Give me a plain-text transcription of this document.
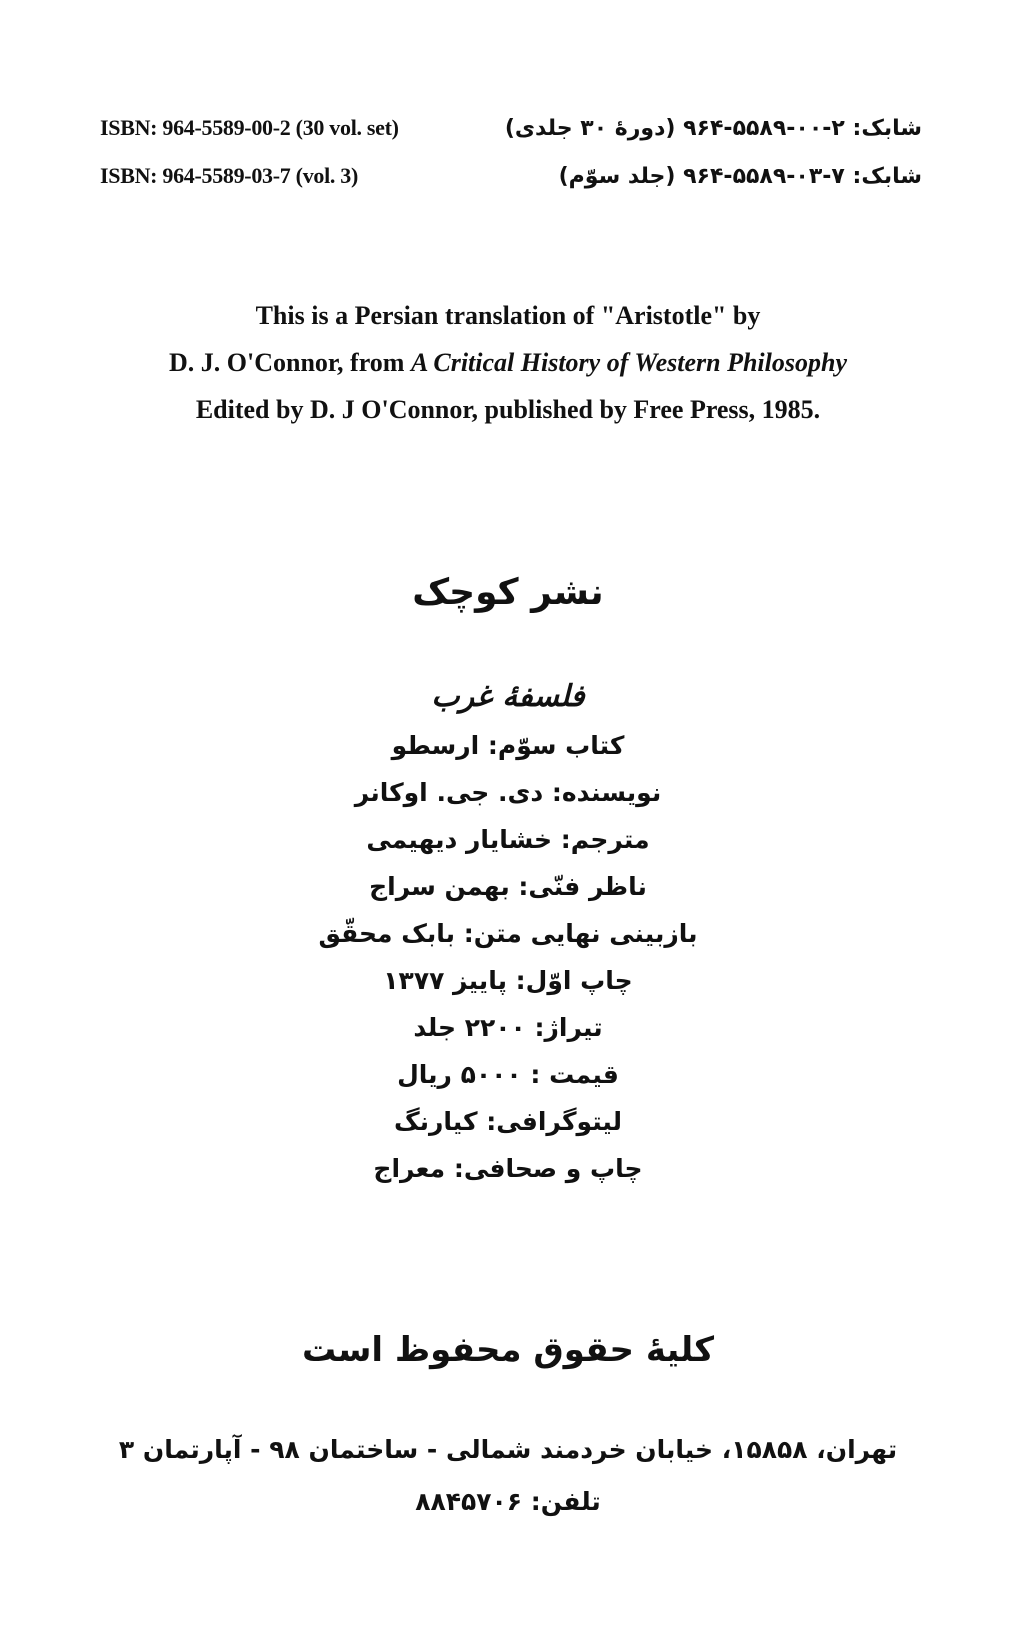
ISBN: 964-5589-00-2 (30 vol. set)	شابک: ۲-۰۰-۵۵۸۹-۹۶۴ (دورهٔ ۳۰ جلدی)
ISBN: 964-5589-03-7 (vol. 3)	شابک: ۷-۰۳-۵۵۸۹-۹۶۴ (جلد سوّم)
This is a Persian translation of "Aristotle" by
D. J. O'Connor, from A Critical History of Western Philosophy
Edited by D. J O'Connor, published by Free Press, 1985.
نشر کوچک
فلسفهٔ غرب
کتاب سوّم: ارسطو
نویسنده: دی. جی. اوکانر
مترجم: خشایار دیهیمی
ناظر فنّی: بهمن سراج
بازبینی نهایی متن: بابک محقّق
چاپ اوّل: پاییز ۱۳۷۷
تیراژ: ۲۲۰۰ جلد
قیمت : ۵۰۰۰ ریال
لیتوگرافی: کیارنگ
چاپ و صحافی: معراج
کلیهٔ حقوق محفوظ است
تهران، ۱۵۸۵۸، خیابان خردمند شمالی - ساختمان ۹۸ - آپارتمان ۳
تلفن: ۸۸۴۵۷۰۶
